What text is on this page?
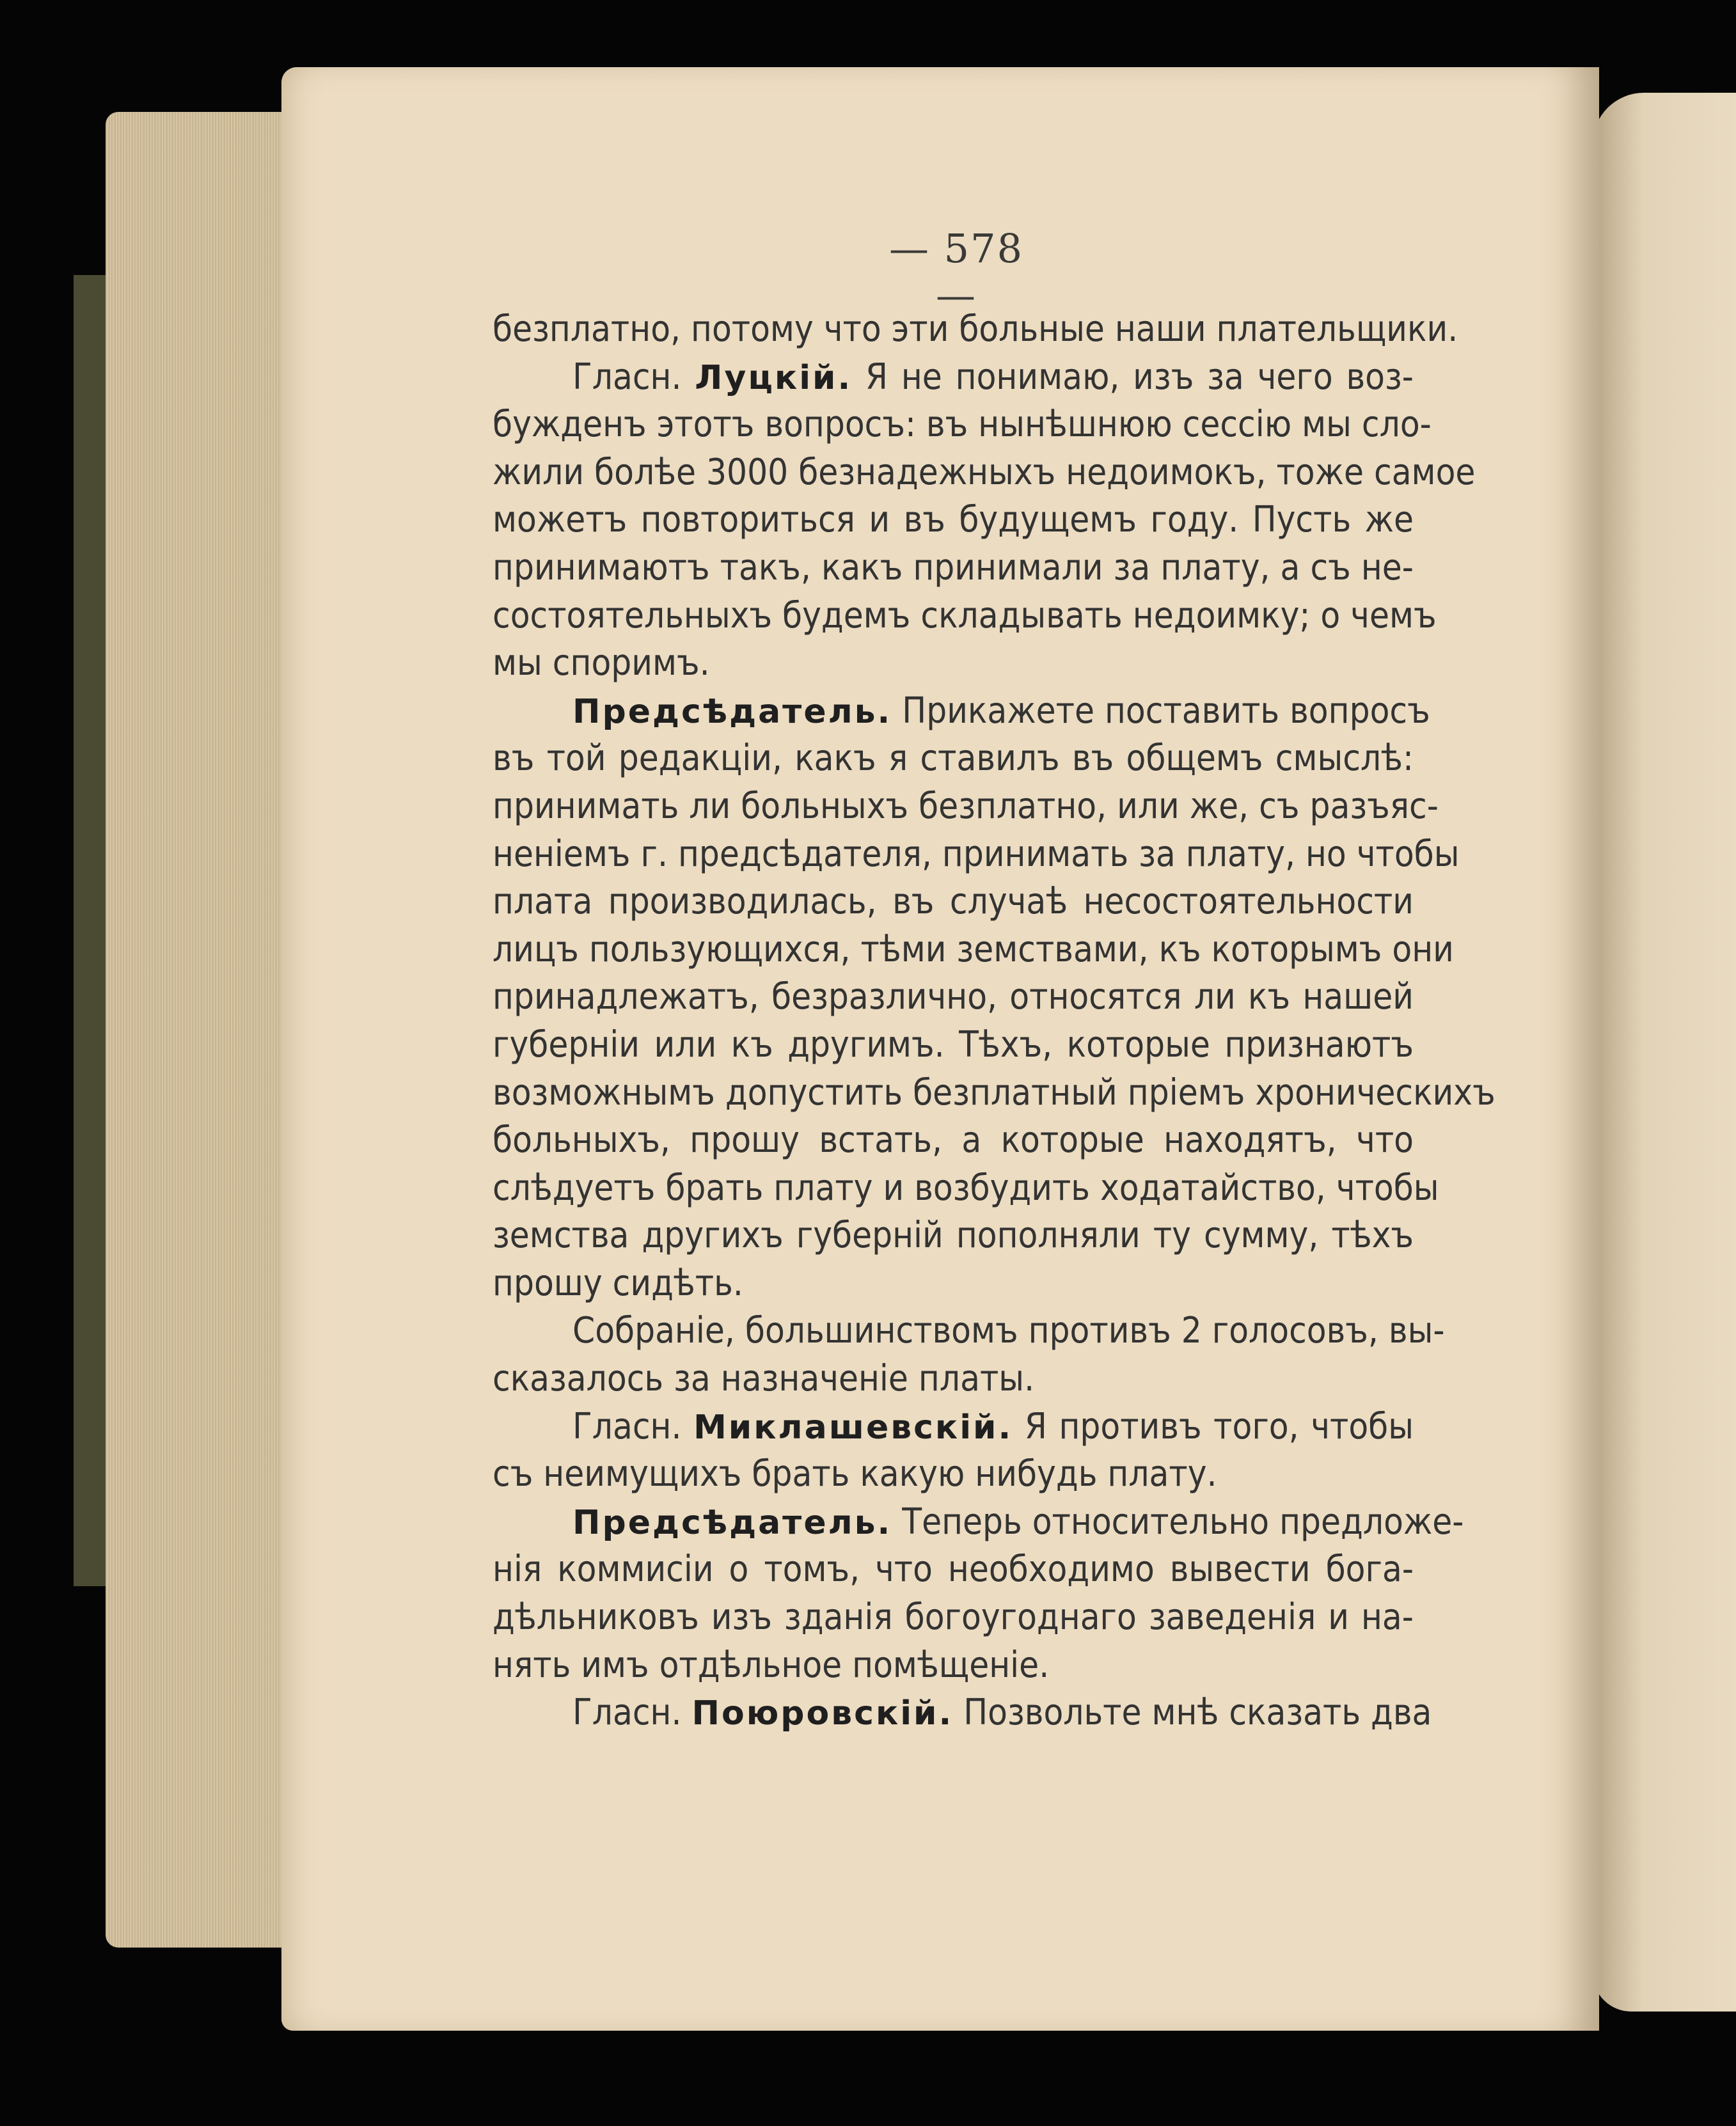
— 578 —
безплатно, потому что эти больные наши плательщики.
Гласн. Луцкій. Я не понимаю, изъ за чего воз-
бужденъ этотъ вопросъ: въ нынѣшнюю сессію мы сло-
жили болѣе 3000 безнадежныхъ недоимокъ, тоже самое
можетъ повториться и въ будущемъ году. Пусть же
принимаютъ такъ, какъ принимали за плату, а съ не-
состоятельныхъ будемъ складывать недоимку; о чемъ
мы споримъ.
Предсѣдатель. Прикажете поставить вопросъ
въ той редакціи, какъ я ставилъ въ общемъ смыслѣ:
принимать ли больныхъ безплатно, или же, съ разъяс-
неніемъ г. предсѣдателя, принимать за плату, но чтобы
плата производилась, въ случаѣ несостоятельности
лицъ пользующихся, тѣми земствами, къ которымъ они
принадлежатъ, безразлично, относятся ли къ нашей
губерніи или къ другимъ. Тѣхъ, которые признаютъ
возможнымъ допустить безплатный пріемъ хроническихъ
больныхъ, прошу встать, а которые находятъ, что
слѣдуетъ брать плату и возбудить ходатайство, чтобы
земства другихъ губерній пополняли ту сумму, тѣхъ
прошу сидѣть.
Собраніе, большинствомъ противъ 2 голосовъ, вы-
сказалось за назначеніе платы.
Гласн. Миклашевскій. Я противъ того, чтобы
съ неимущихъ брать какую нибудь плату.
Предсѣдатель. Теперь относительно предложе-
нія коммисіи о томъ, что необходимо вывести бога-
дѣльниковъ изъ зданія богоугоднаго заведенія и на-
нять имъ отдѣльное помѣщеніе.
Гласн. Поюровскій. Позвольте мнѣ сказать два
